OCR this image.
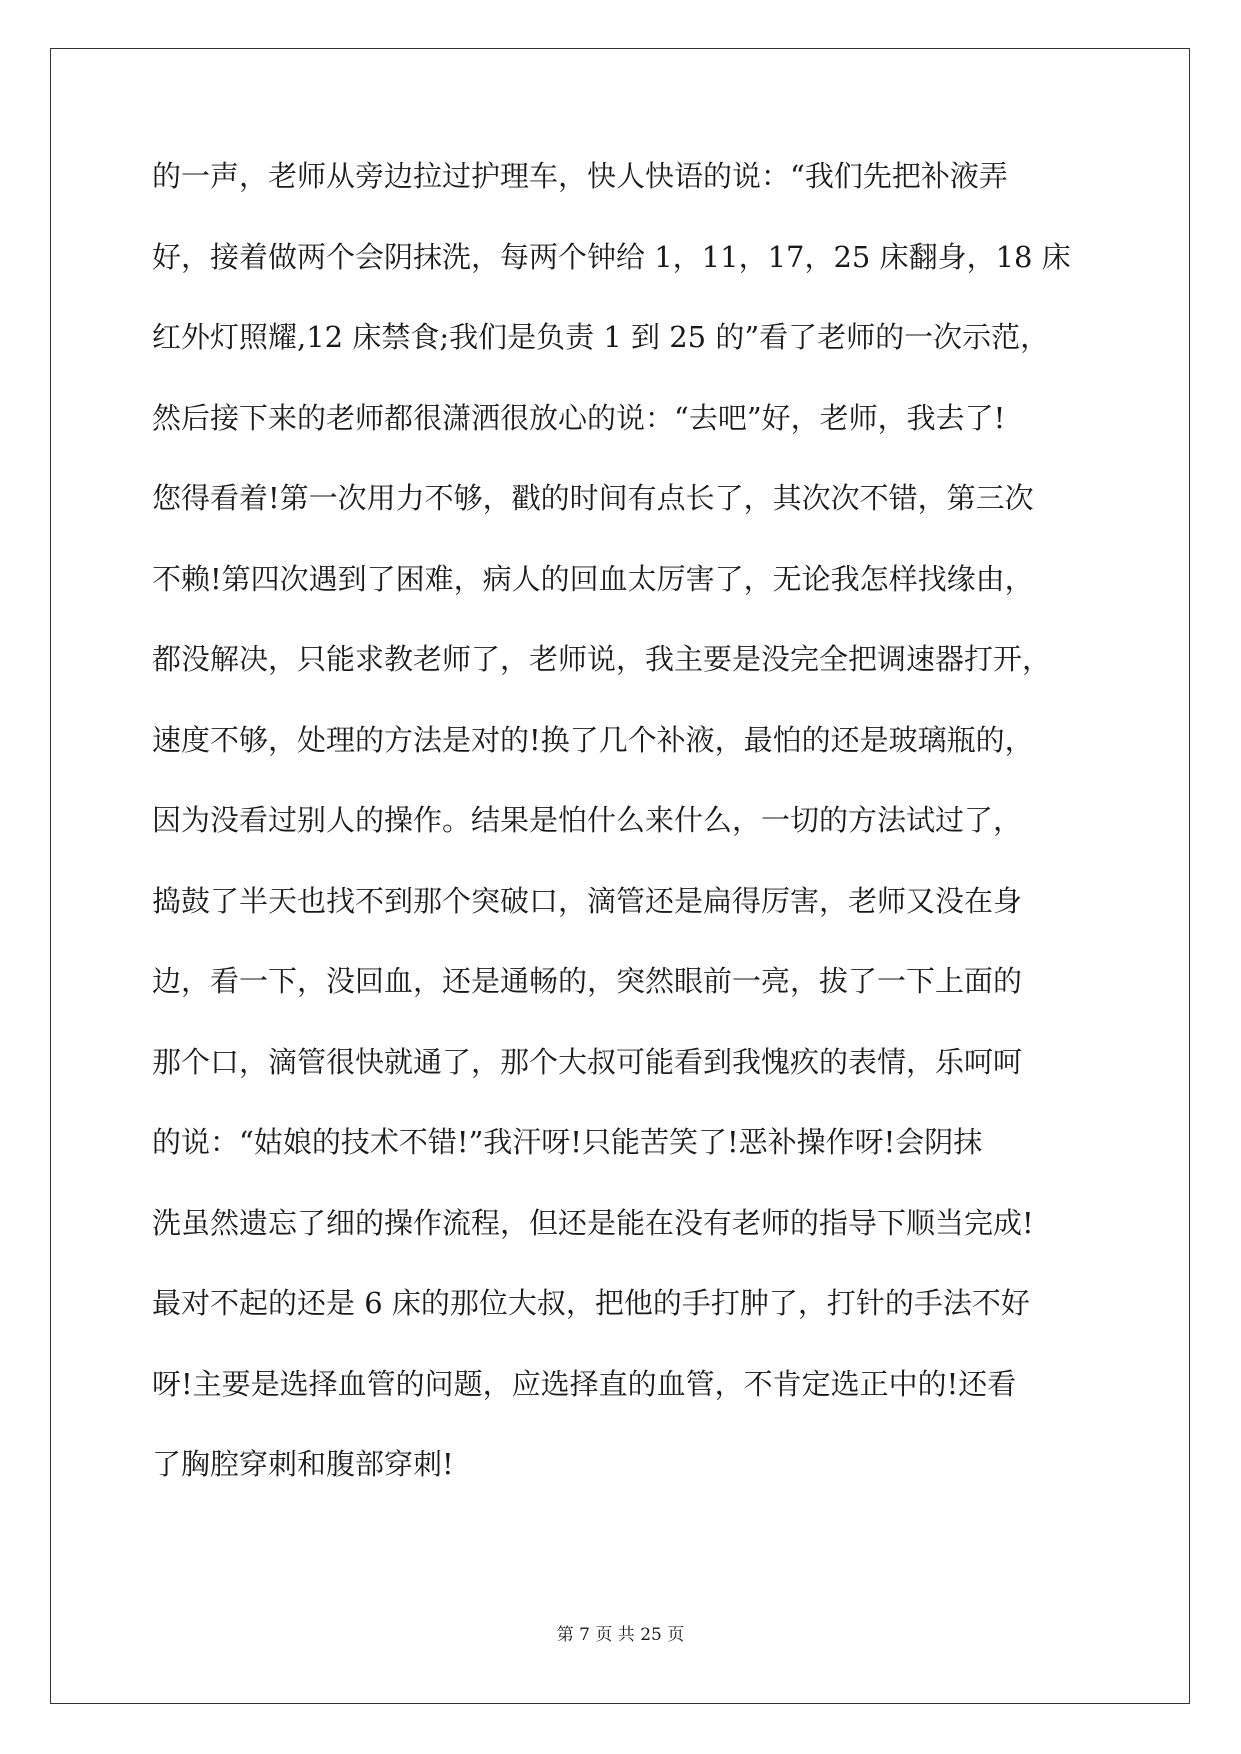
的一声，老师从旁边拉过护理车，快人快语的说：“我们先把补液弄
好，接着做两个会阴抹洗，每两个钟给 1，11，17，25 床翻身，18 床
红外灯照耀,12 床禁食;我们是负责 1 到 25 的”看了老师的一次示范，
然后接下来的老师都很潇洒很放心的说：“去吧”好，老师，我去了!
您得看着!第一次用力不够，戳的时间有点长了，其次次不错，第三次
不赖!第四次遇到了困难，病人的回血太厉害了，无论我怎样找缘由，
都没解决，只能求教老师了，老师说，我主要是没完全把调速器打开，
速度不够，处理的方法是对的!换了几个补液，最怕的还是玻璃瓶的，
因为没看过别人的操作。结果是怕什么来什么，一切的方法试过了，
捣鼓了半天也找不到那个突破口，滴管还是扁得厉害，老师又没在身
边，看一下，没回血，还是通畅的，突然眼前一亮，拔了一下上面的
那个口，滴管很快就通了，那个大叔可能看到我愧疚的表情，乐呵呵
的说：“姑娘的技术不错!”我汗呀!只能苦笑了!恶补操作呀!会阴抹
洗虽然遗忘了细的操作流程，但还是能在没有老师的指导下顺当完成!
最对不起的还是 6 床的那位大叔，把他的手打肿了，打针的手法不好
呀!主要是选择血管的问题，应选择直的血管，不肯定选正中的!还看
了胸腔穿刺和腹部穿刺!
第 7 页 共 25 页
